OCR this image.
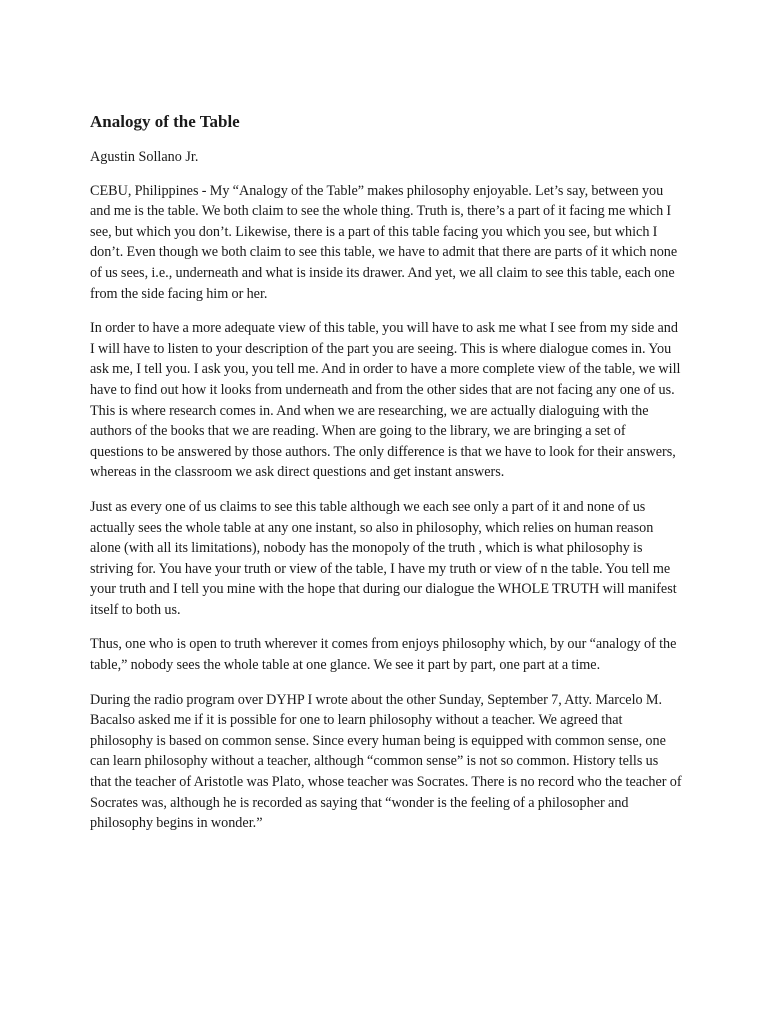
Analogy of the Table

Agustin Sollano Jr.

CEBU, Philippines - My “Analogy of the Table” makes philosophy enjoyable. Let’s say, between you and me is the table. We both claim to see the whole thing. Truth is, there’s a part of it facing me which I see, but which you don’t. Likewise, there is a part of this table facing you which you see, but which I don’t. Even though we both claim to see this table, we have to admit that there are parts of it which none of us sees, i.e., underneath and what is inside its drawer. And yet, we all claim to see this table, each one from the side facing him or her.

In order to have a more adequate view of this table, you will have to ask me what I see from my side and I will have to listen to your description of the part you are seeing. This is where dialogue comes in. You ask me, I tell you. I ask you, you tell me. And in order to have a more complete view of the table, we will have to find out how it looks from underneath and from the other sides that are not facing any one of us. This is where research comes in. And when we are researching, we are actually dialoguing with the authors of the books that we are reading. When are going to the library, we are bringing a set of questions to be answered by those authors. The only difference is that we have to look for their answers, whereas in the classroom we ask direct questions and get instant answers.

Just as every one of us claims to see this table although we each see only a part of it and none of us actually sees the whole table at any one instant, so also in philosophy, which relies on human reason alone (with all its limitations), nobody has the monopoly of the truth , which is what philosophy is striving for. You have your truth or view of the table, I have my truth or view of n the table. You tell me your truth and I tell you mine with the hope that during our dialogue the WHOLE TRUTH will manifest itself to both us.

Thus, one who is open to truth wherever it comes from enjoys philosophy which, by our “analogy of the table,” nobody sees the whole table at one glance. We see it part by part, one part at a time.

During the radio program over DYHP I wrote about the other Sunday, September 7, Atty. Marcelo M. Bacalso asked me if it is possible for one to learn philosophy without a teacher. We agreed that philosophy is based on common sense. Since every human being is equipped with common sense, one can learn philosophy without a teacher, although “common sense” is not so common. History tells us that the teacher of Aristotle was Plato, whose teacher was Socrates. There is no record who the teacher of Socrates was, although he is recorded as saying that “wonder is the feeling of a philosopher and philosophy begins in wonder.”
